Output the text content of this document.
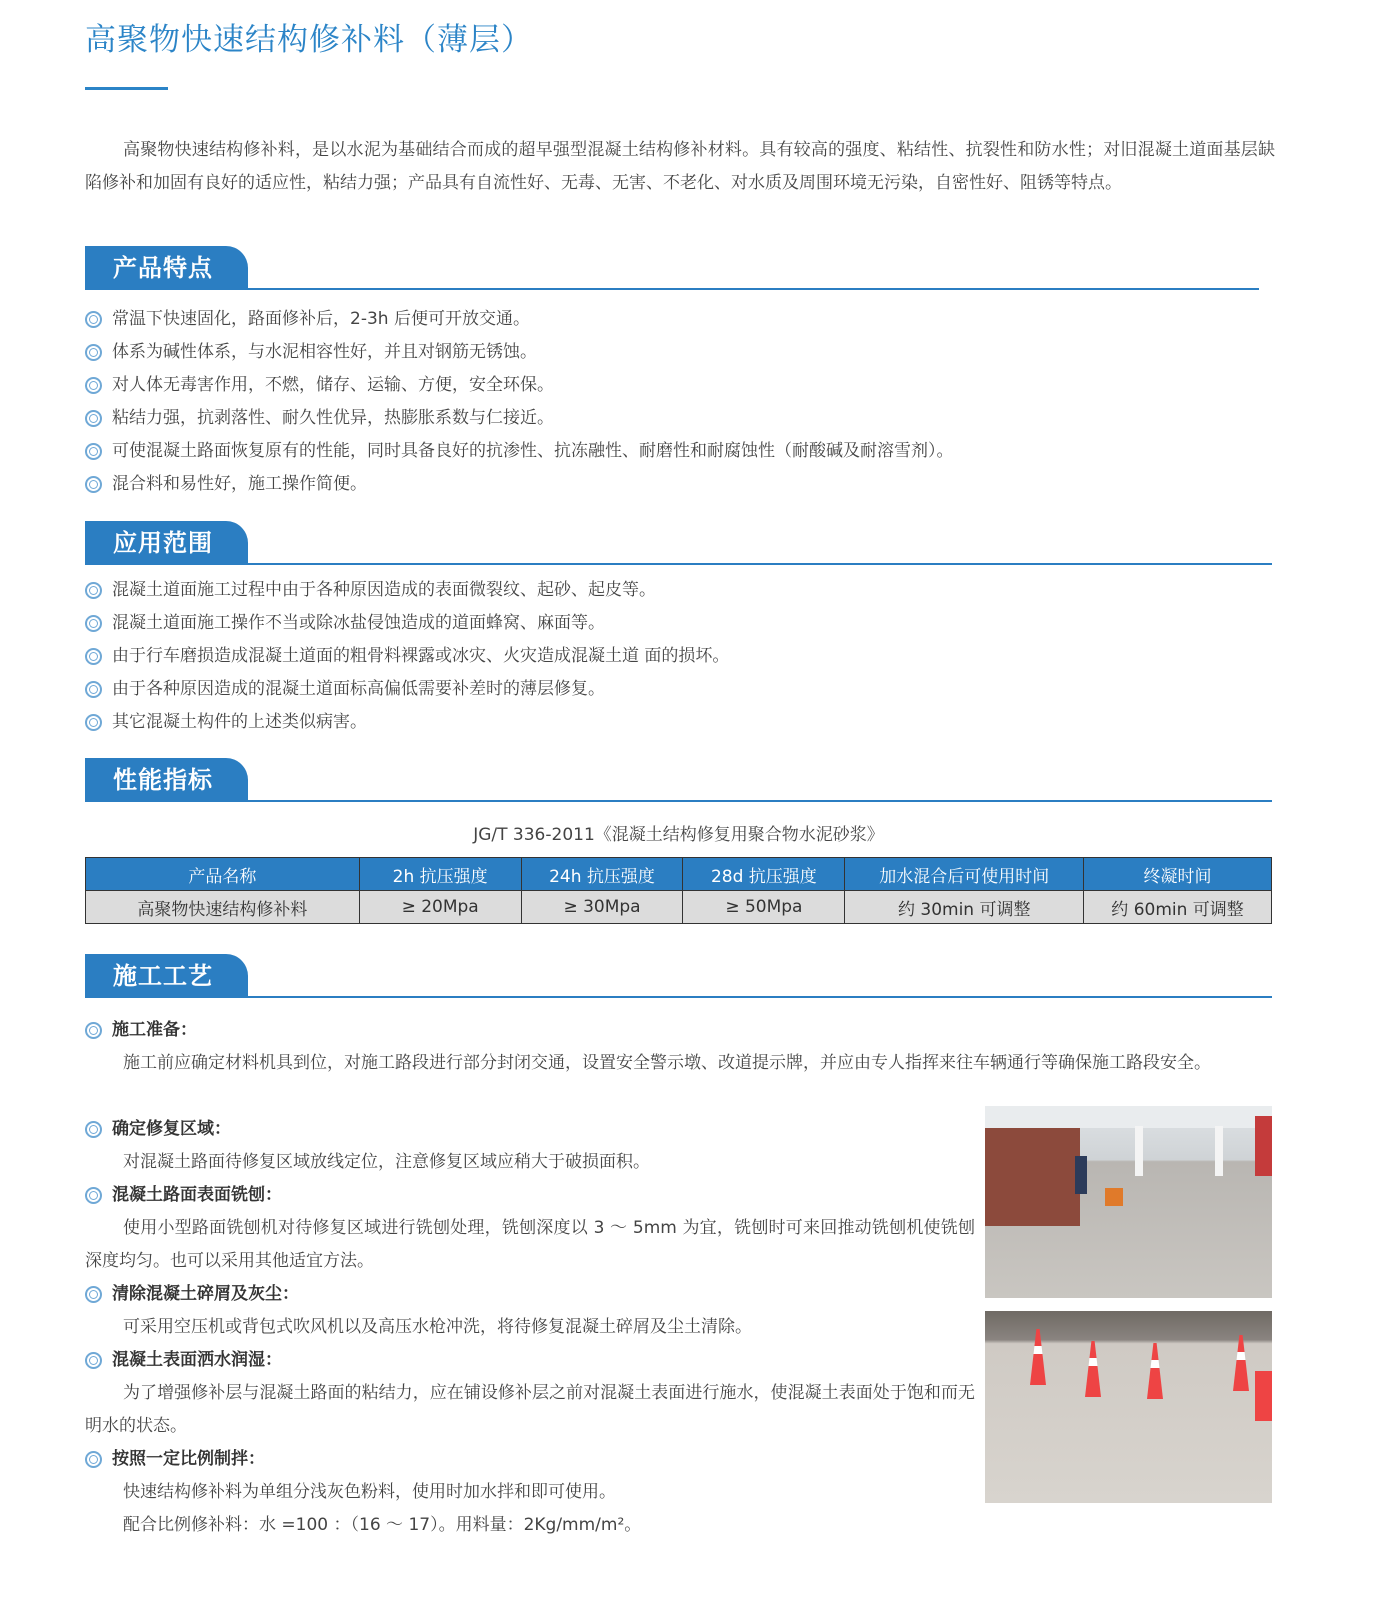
高聚物快速结构修补料（薄层）
高聚物快速结构修补料，是以水泥为基础结合而成的超早强型混凝土结构修补材料。具有较高的强度、粘结性、抗裂性和防水性；对旧混凝土道面基层缺陷修补和加固有良好的适应性，粘结力强；产品具有自流性好、无毒、无害、不老化、对水质及周围环境无污染，自密性好、阻锈等特点。
产品特点
常温下快速固化，路面修补后，2-3h 后便可开放交通。
体系为碱性体系，与水泥相容性好，并且对钢筋无锈蚀。
对人体无毒害作用，不燃，储存、运输、方便，安全环保。
粘结力强，抗剥落性、耐久性优异，热膨胀系数与仁接近。
可使混凝土路面恢复原有的性能，同时具备良好的抗渗性、抗冻融性、耐磨性和耐腐蚀性（耐酸碱及耐溶雪剂）。
混合料和易性好，施工操作简便。
应用范围
混凝土道面施工过程中由于各种原因造成的表面微裂纹、起砂、起皮等。
混凝土道面施工操作不当或除冰盐侵蚀造成的道面蜂窝、麻面等。
由于行车磨损造成混凝土道面的粗骨料裸露或冰灾、火灾造成混凝土道 面的损坏。
由于各种原因造成的混凝土道面标高偏低需要补差时的薄层修复。
其它混凝土构件的上述类似病害。
性能指标
JG/T 336-2011《混凝土结构修复用聚合物水泥砂浆》
产品名称	2h 抗压强度	24h 抗压强度	28d 抗压强度	加水混合后可使用时间	终凝时间
高聚物快速结构修补料	≥ 20Mpa	≥ 30Mpa	≥ 50Mpa	约 30min 可调整	约 60min 可调整
施工工艺
施工准备：
施工前应确定材料机具到位，对施工路段进行部分封闭交通，设置安全警示墩、改道提示牌，并应由专人指挥来往车辆通行等确保施工路段安全。
确定修复区域：
对混凝土路面待修复区域放线定位，注意修复区域应稍大于破损面积。
混凝土路面表面铣刨：
使用小型路面铣刨机对待修复区域进行铣刨处理，铣刨深度以 3 ～ 5mm 为宜，铣刨时可来回推动铣刨机使铣刨深度均匀。也可以采用其他适宜方法。
清除混凝土碎屑及灰尘：
可采用空压机或背包式吹风机以及高压水枪冲洗，将待修复混凝土碎屑及尘土清除。
混凝土表面洒水润湿：
为了增强修补层与混凝土路面的粘结力，应在铺设修补层之前对混凝土表面进行施水，使混凝土表面处于饱和而无明水的状态。
按照一定比例制拌：
快速结构修补料为单组分浅灰色粉料，使用时加水拌和即可使用。
配合比例修补料：水 =100 ：（16 ～ 17）。用料量：2Kg/mm/m²。
